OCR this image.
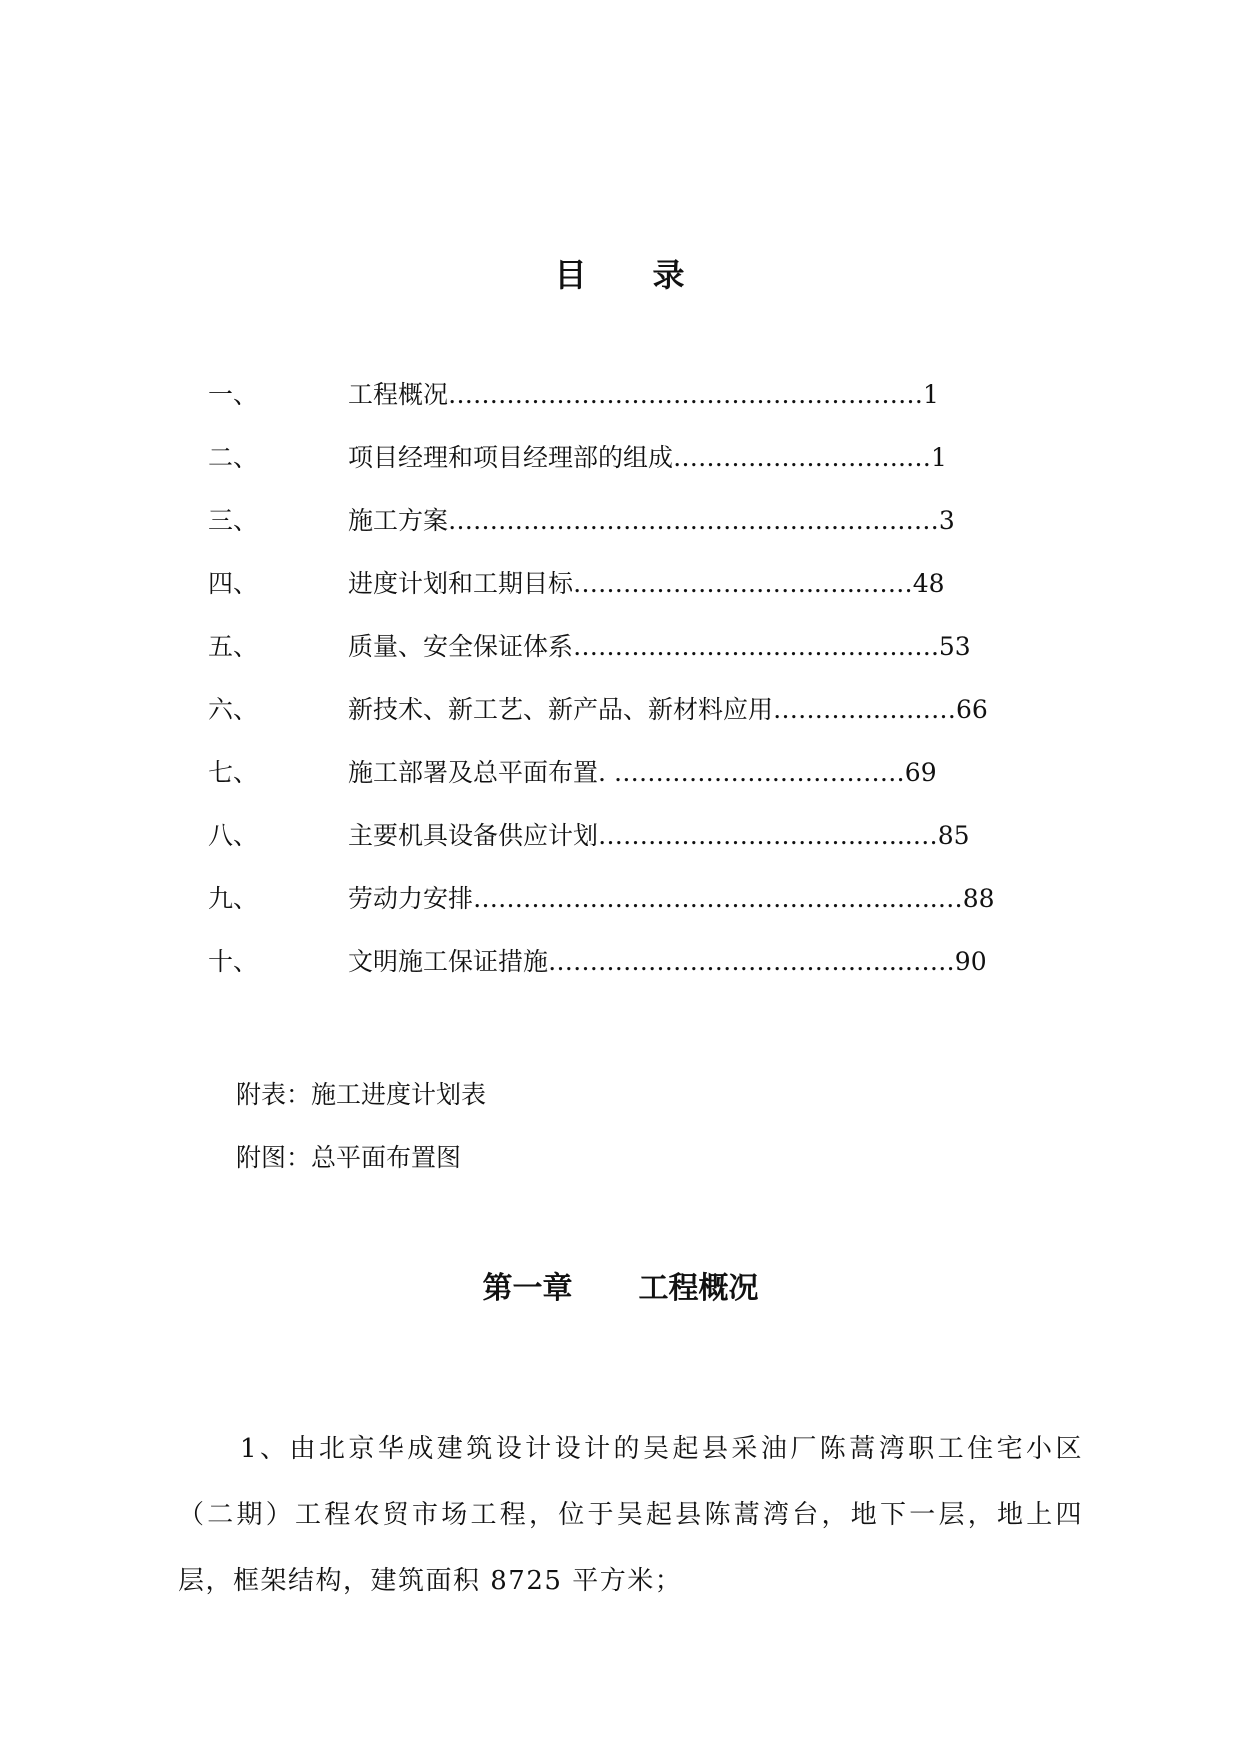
目 录
一、	工程概况…………………………………………………1
二、	项目经理和项目经理部的组成……………………….…1
三、	施工方案………………………………………..…………3
四、	进度计划和工期目标………………….……..…..……48
五、	质量、安全保证体系…………………….……………….53
六、	新技术、新工艺、新产品、新材料应用………….………66
七、	施工部署及总平面布置. ………………..……………69
八、	主要机具设备供应计划…………………………..…...…85
九、	劳动力安排…………………………………………...…..…88
十、	文明施工保证措施……………………………….…...……90
附表：施工进度计划表
附图：总平面布置图
第一章 工程概况

1、由北京华成建筑设计设计的吴起县采油厂陈蒿湾职工住宅小区（二期）工程农贸市场工程，位于吴起县陈蒿湾台，地下一层，地上四层，框架结构，建筑面积 8725 平方米；
